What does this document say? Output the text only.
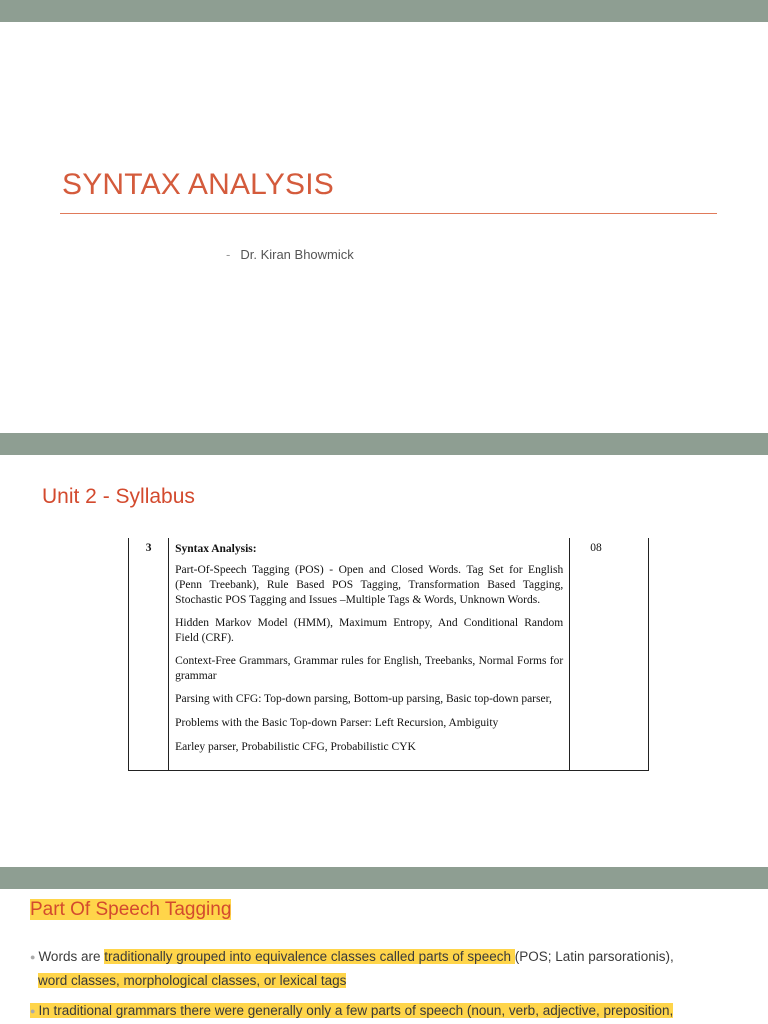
SYNTAX ANALYSIS
- Dr. Kiran Bhowmick
Unit 2 - Syllabus
3	Syntax Analysis:

Part-Of-Speech Tagging (POS) - Open and Closed Words. Tag Set for English (Penn Treebank), Rule Based POS Tagging, Transformation Based Tagging, Stochastic POS Tagging and Issues –Multiple Tags & Words, Unknown Words.

Hidden Markov Model (HMM), Maximum Entropy, And Conditional Random Field (CRF).

Context-Free Grammars, Grammar rules for English, Treebanks, Normal Forms for grammar

Parsing with CFG: Top-down parsing, Bottom-up parsing, Basic top-down parser,

Problems with the Basic Top-down Parser: Left Recursion, Ambiguity

Earley parser, Probabilistic CFG, Probabilistic CYK

	08
Part Of Speech Tagging
● Words are traditionally grouped into equivalence classes called parts of speech (POS; Latin parsorationis),
word classes, morphological classes, or lexical tags
● In traditional grammars there were generally only a few parts of speech (noun, verb, adjective, preposition,
